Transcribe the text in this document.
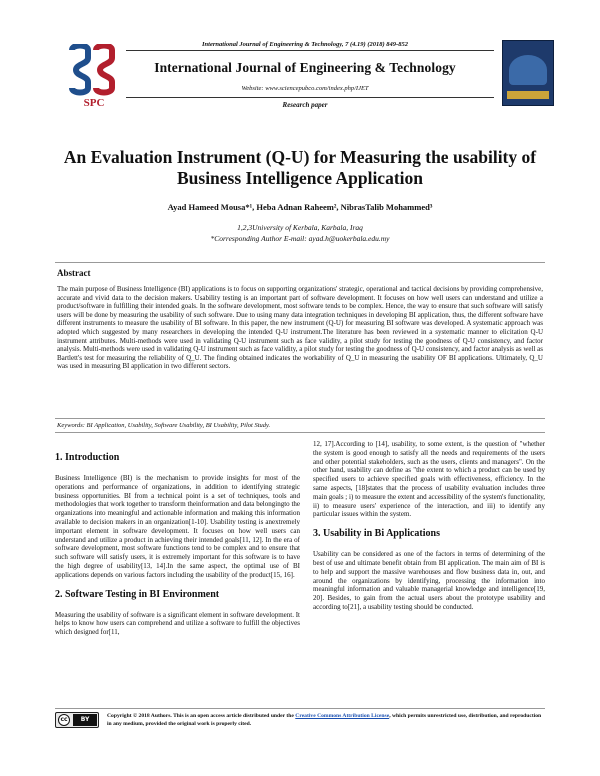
SPC
International Journal of Engineering & Technology, 7 (4.19) (2018) 849-852
International Journal of Engineering & Technology
Website: www.sciencepubco.com/index.php/IJET
Research paper
An Evaluation Instrument (Q-U) for Measuring the usability of Business Intelligence Application
Ayad Hameed Mousa*¹, Heba Adnan Raheem², NibrasTalib Mohammed³
1,2,3University of Kerbala, Karbala, Iraq
*Corresponding Author E-mail: ayad.h@uokerbala.edu.my
Abstract
The main purpose of Business Intelligence (BI) applications is to focus on supporting organizations' strategic, operational and tactical decisions by providing comprehensive, accurate and vivid data to the decision makers. Usability testing is an important part of software development. It focuses on how well users can understand and utilize a product/software in fulfilling their intended goals. In the software development, most software tends to be complex. Hence, the way to ensure that such software will satisfy users will be done by measuring the usability of such software. Due to using many data integration techniques in developing BI application, thus, the different software have different instruments to measure the usability of BI software. In this paper, the new instrument (Q-U) for measuring BI software was developed. A systematic approach was adopted which suggested by many researchers in developing the intended Q-U instrument.The literature has been reviewed in a systematic manner to elicitation Q-U instrument attributes. Multi-methods were used in validating Q-U instrument such as face validity, a pilot study for testing the goodness of Q-U consistency, and factor analysis. Multi-methods were used in validating Q-U instrument such as face validity, a pilot study for testing the goodness of Q-U consistency, and factor analysis as well as Bartlett's test for measuring the reliability of Q_U. The finding obtained indicates the workability of Q_U in measuring the usability OF BI applications. Ultimately, Q_U was used in measuring BI application in two different sectors.
Keywords: BI Application, Usability, Software Usability, BI Usability, Pilot Study.
1. Introduction

Business Intelligence (BI) is the mechanism to provide insights for most of the operations and performance of organizations, in addition to identifying strategic business opportunities. BI from a technical point is a set of techniques, tools and methodologies that work together to transform theinformation and data belongingto the organizations into meaningful and actionable information and making this information available to decision makers in an organization[1-10]. Usability testing is anextremely important element in software development. It focuses on how well users can understand and utilize a product in achieving their intended goals[11, 12]. In the era of software development, most software functions tend to be complex and to ensure that such software will satisfy users, it is extremely important for this software is to have the high degree of usability[13, 14].In the same aspect, the optimal use of BI applications depends on various factors including the usability of the product[15, 16].

2. Software Testing in BI Environment

Measuring the usability of software is a significant element in software development. It helps to know how users can comprehend and utilize a software to fulfill the objectives which designed for[11,

12, 17].According to [14], usability, to some extent, is the question of "whether the system is good enough to satisfy all the needs and requirements of the users and other potential stakeholders, such as the users, clients and managers". On the other hand, usability can define as "the extent to which a product can be used by specified users to achieve specified goals with effectiveness, efficiency. In the same aspects, [18]states that the process of usability evaluation includes three main goals ; i) to measure the extent and accessibility of the system's functionality, ii) to measure users' experience of the interaction, and iii) to identify any particular issues within the system.

3. Usability in Bi Applications

Usability can be considered as one of the factors in terms of determining of the best of use and ultimate benefit obtain from BI application. The main aim of BI is to help and support the massive warehouses and flow business data in, out, and around the organizations by identifying, processing the information into meaningful information and valuable managerial knowledge and intelligence[19, 20]. Besides, to gain from the actual users about the prototype usability and according to[21], a usability testing should be conducted.

cc	BY	Copyright © 2018 Authors. This is an open access article distributed under the Creative Commons Attribution License, which permits unrestricted use, distribution, and reproduction in any medium, provided the original work is properly cited.
